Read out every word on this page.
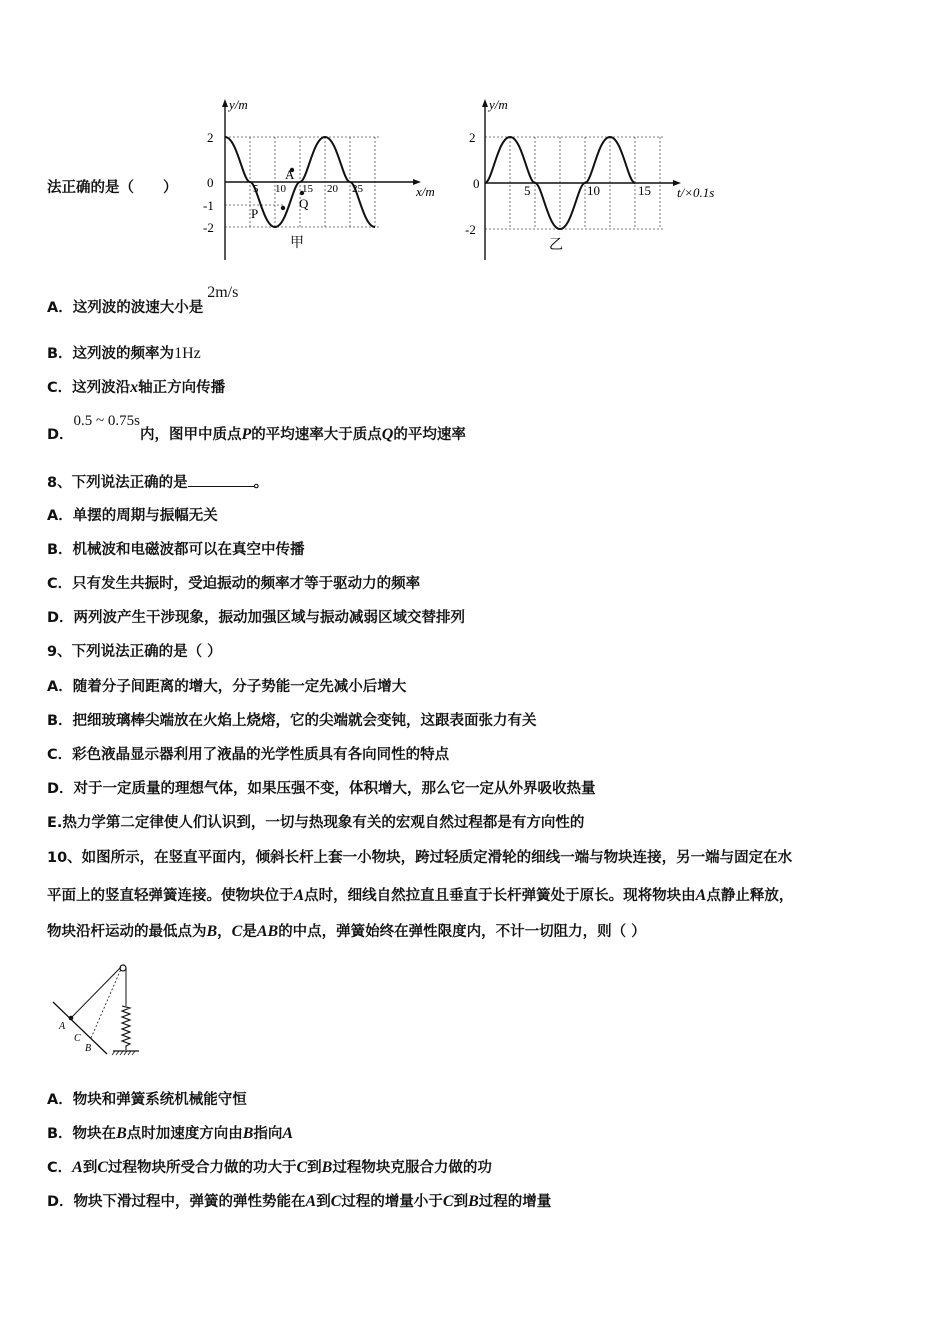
法正确的是（　　）
y/m
x/m
2
0
-1
-2
5 10 15 20 25
A
P
Q
甲
y/m
t/×0.1s
2
0
-2
5	10	15
乙
A．这列波的波速大小是2m/s
B．这列波的频率为1Hz
C．这列波沿x轴正方向传播
D．0.5 ~ 0.75s内，图甲中质点P的平均速率大于质点Q的平均速率
8、下列说法正确的是	。
A．单摆的周期与振幅无关
B．机械波和电磁波都可以在真空中传播
C．只有发生共振时，受迫振动的频率才等于驱动力的频率
D．两列波产生干涉现象，振动加强区域与振动减弱区域交替排列
9、下列说法正确的是（ ）
A．随着分子间距离的增大，分子势能一定先减小后增大
B．把细玻璃棒尖端放在火焰上烧熔，它的尖端就会变钝，这跟表面张力有关
C．彩色液晶显示器利用了液晶的光学性质具有各向同性的特点
D．对于一定质量的理想气体，如果压强不变，体积增大，那么它一定从外界吸收热量
E.热力学第二定律使人们认识到，一切与热现象有关的宏观自然过程都是有方向性的
10、如图所示，在竖直平面内，倾斜长杆上套一小物块，跨过轻质定滑轮的细线一端与物块连接，另一端与固定在水
平面上的竖直轻弹簧连接。使物块位于A点时，细线自然拉直且垂直于长杆弹簧处于原长。现将物块由A点静止释放，
物块沿杆运动的最低点为B，C是AB的中点，弹簧始终在弹性限度内，不计一切阻力，则（ ）
A
C
B
A．物块和弹簧系统机械能守恒
B．物块在B点时加速度方向由B指向A
C．A到C过程物块所受合力做的功大于C到B过程物块克服合力做的功
D．物块下滑过程中，弹簧的弹性势能在A到C过程的增量小于C到B过程的增量
